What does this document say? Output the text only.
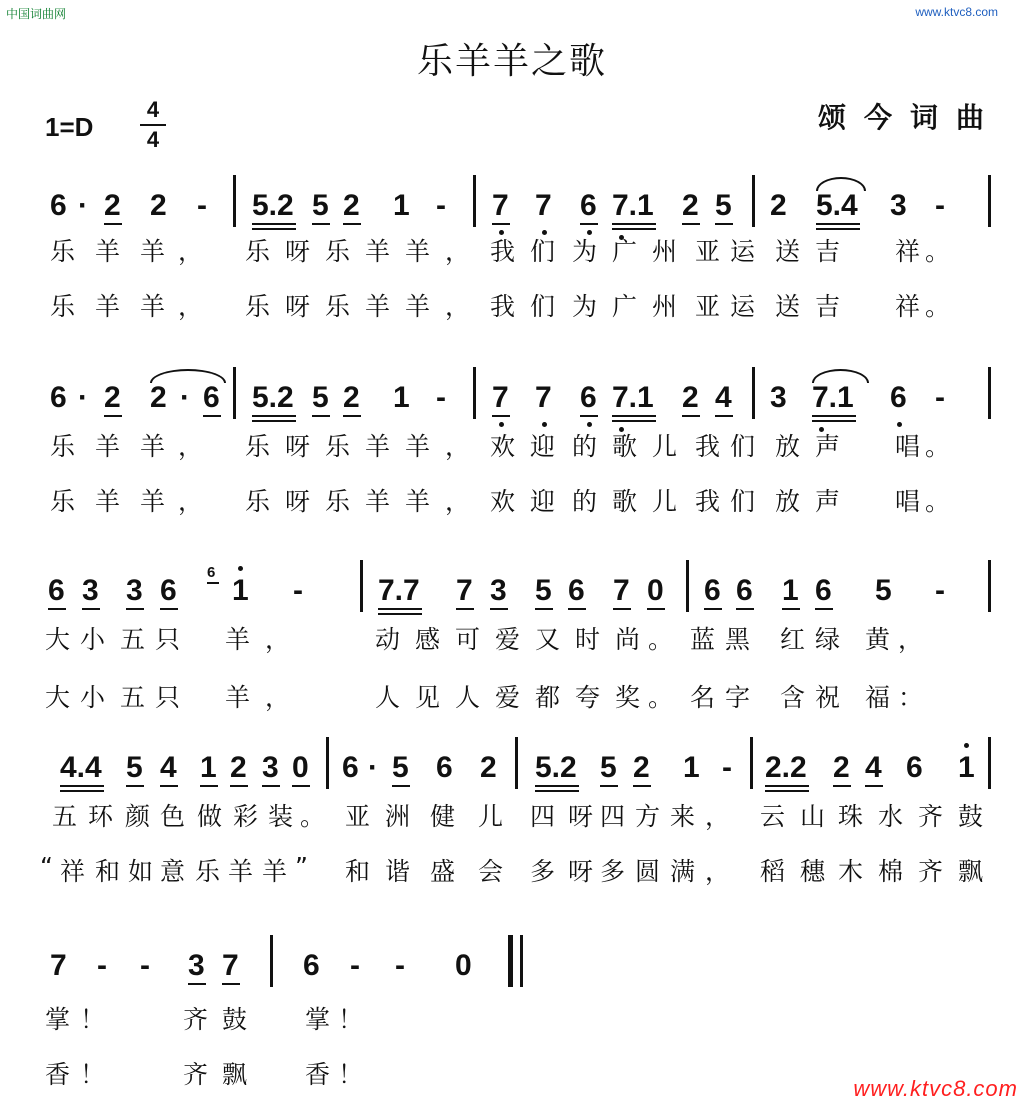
中国词曲网	www.ktvc8.com
乐羊羊之歌
1=D
4
4
颂今词曲
6 · 2 2 - 5.2 5 2 1 - 7 7 6 7.1 2 5 2 5.4 3 -
乐 羊 羊 ， 乐 呀 乐 羊 羊 ， 我 们 为 广 州 亚 运 送 吉 祥 。
乐 羊 羊 ， 乐 呀 乐 羊 羊 ， 我 们 为 广 州 亚 运 送 吉 祥 。
6 · 2 2 · 6 5.2 5 2 1 - 7 7 6 7.1 2 4 3 7.1 6 -
乐 羊 羊 ， 乐 呀 乐 羊 羊 ， 欢 迎 的 歌 儿 我 们 放 声 唱 。
乐 羊 羊 ， 乐 呀 乐 羊 羊 ， 欢 迎 的 歌 儿 我 们 放 声 唱 。
6 3 3 6
6
1 -	7.7 7 3 5 6 7 0 6 6 1 6 5 -
大 小 五 只 羊 ，	动 感 可 爱 又 时 尚 。 蓝 黑 红 绿 黄 ，
大 小 五 只 羊 ，	人 见 人 爱 都 夸 奖 。 名 字 含 祝 福 ：
4.4 5 4 1 2 3 0 6 · 5 6 2 5.2 5 2 1 - 2.2 2 4 6 1
五 环 颜 色 做 彩 装 。 亚 洲 健 儿 四 呀 四 方 来 ， 云 山 珠 水 齐 鼓
“ 祥 和 如 意 乐 羊 羊 ” 和 谐 盛 会 多 呀 多 圆 满 ， 稻 穗 木 棉 齐 飘
7 - - 3 7 6 - - 0
掌 ！	齐 鼓 掌 ！
香 ！	齐 飘 香 ！	www.ktvc8.com
